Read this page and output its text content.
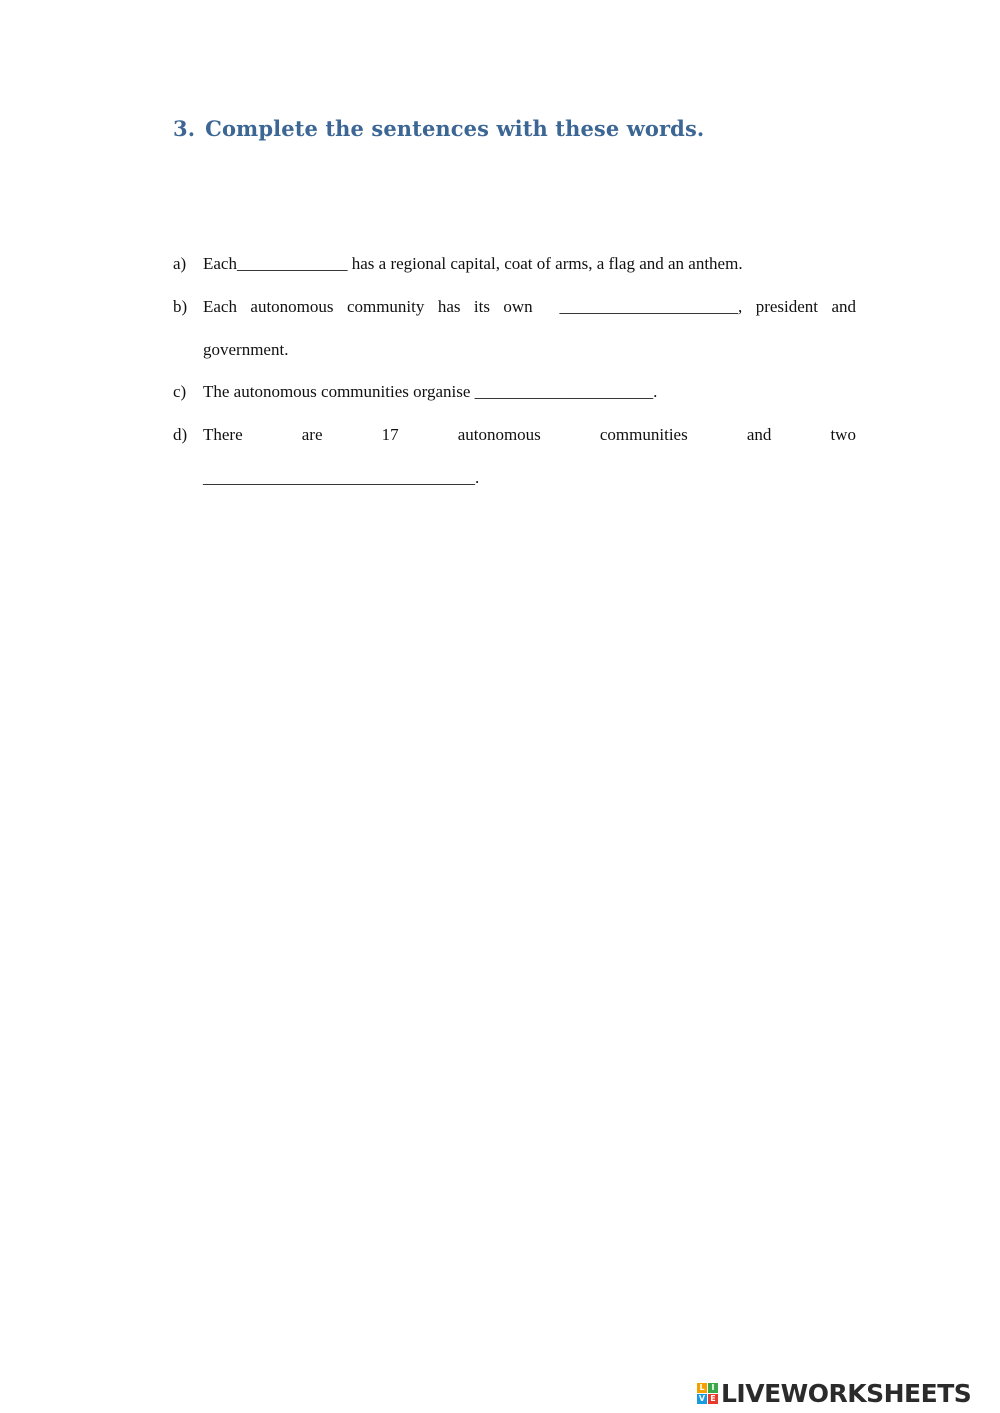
3. Complete the sentences with these words.
a) Each_____________ has a regional capital, coat of arms, a flag and an anthem.
b) Each autonomous community has its own _____________________, president and
government.
c) The autonomous communities organise _____________________.
d) There	are	17	autonomous	communities	and	two
________________________________.
L I
V E LIVEWORKSHEETS
